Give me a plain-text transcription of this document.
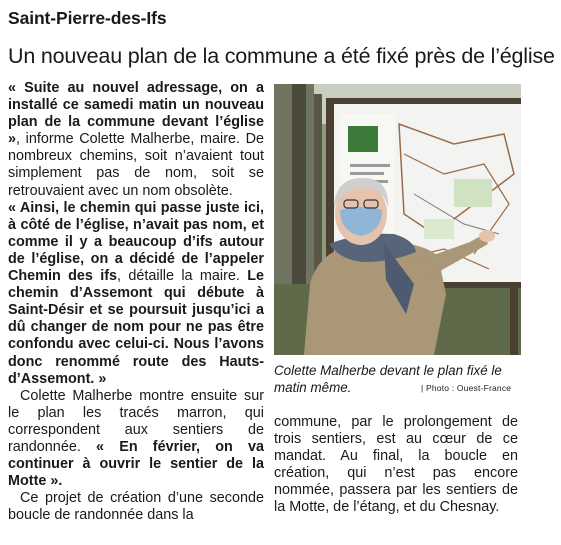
Saint-Pierre-des-Ifs
Un nouveau plan de la commune a été fixé près de l’église

« Suite au nouvel adressage, on a installé ce samedi matin un nouveau plan de la commune devant l’église », informe Colette Malherbe, maire. De nombreux chemins, soit n’avaient tout simplement pas de nom, soit se retrouvaient avec un nom obsolète.

« Ainsi, le chemin qui passe juste ici, à côté de l’église, n’avait pas nom, et comme il y a beaucoup d’ifs autour de l’église, on a décidé de l’appeler Chemin des ifs, détaille la maire. Le chemin d’Assemont qui débute à Saint-Désir et se poursuit jusqu’ici a dû changer de nom pour ne pas être confondu avec celui-ci. Nous l’avons donc renommé route des Hauts-d’Assemont. »

Colette Malherbe montre ensuite sur le plan les tracés marron, qui correspondent aux sentiers de randonnée. « En février, on va continuer à ouvrir le sentier de la Motte ».

Ce projet de création d’une seconde boucle de randonnée dans la

Colette Malherbe devant le plan fixé le matin même.	| Photo : Ouest-France

commune, par le prolongement de trois sentiers, est au cœur de ce mandat. Au final, la boucle en création, qui n’est pas encore nommée, passera par les sentiers de la Motte, de l’étang, et du Chesnay.
